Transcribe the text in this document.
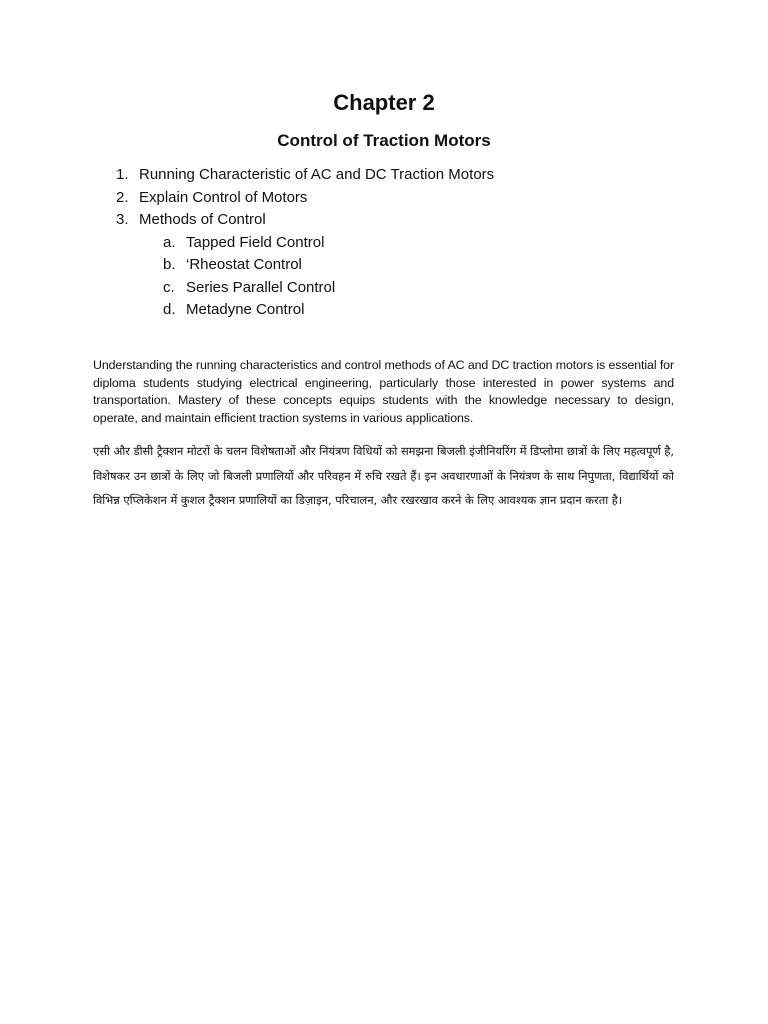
Chapter 2
Control of Traction Motors
1. Running Characteristic of AC and DC Traction Motors
2. Explain Control of Motors
3. Methods of Control
a. Tapped Field Control
b. ‘Rheostat Control
c. Series Parallel Control
d. Metadyne Control

Understanding the running characteristics and control methods of AC and DC traction motors is essential for diploma students studying electrical engineering, particularly those interested in power systems and transportation. Mastery of these concepts equips students with the knowledge necessary to design, operate, and maintain efficient traction systems in various applications.

एसी और डीसी ट्रैक्शन मोटरों के चलन विशेषताओं और नियंत्रण विधियों को समझना बिजली इंजीनियरिंग में डिप्लोमा छात्रों के लिए महत्वपूर्ण है, विशेषकर उन छात्रों के लिए जो बिजली प्रणालियों और परिवहन में रुचि रखते हैं। इन अवधारणाओं के नियंत्रण के साथ निपुणता, विद्यार्थियों को विभिन्न एप्लिकेशन में कुशल ट्रैक्शन प्रणालियों का डिज़ाइन, परिचालन, और रखरखाव करने के लिए आवश्यक ज्ञान प्रदान करता है।
